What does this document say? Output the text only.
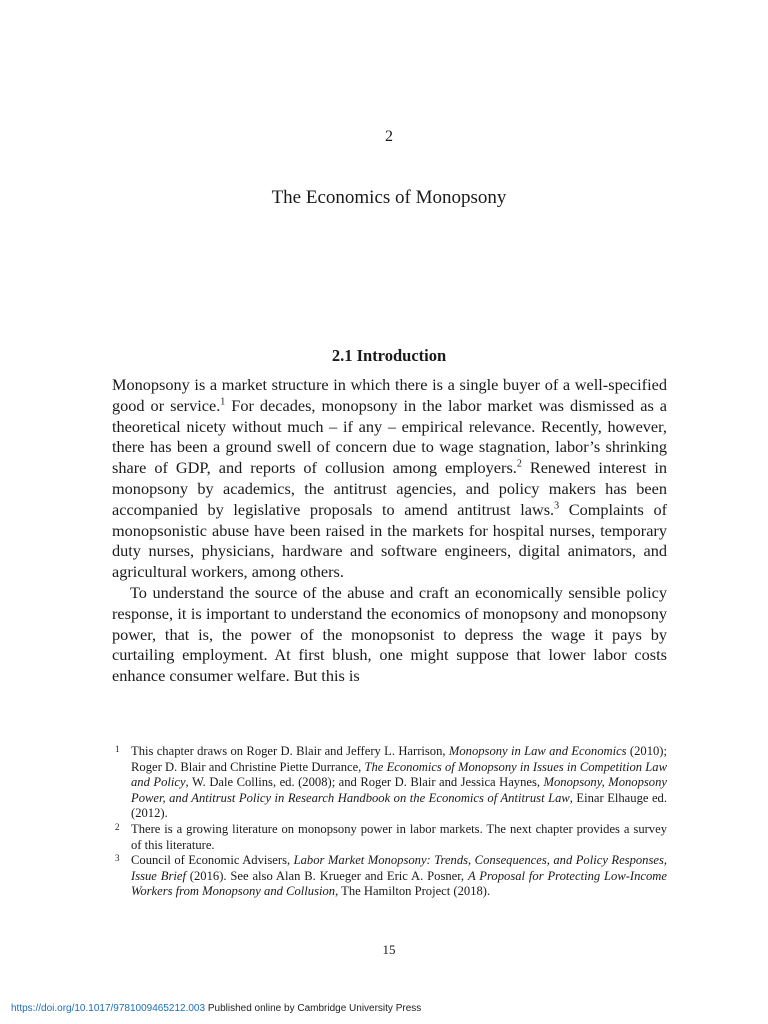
2
The Economics of Monopsony
2.1 Introduction

Monopsony is a market structure in which there is a single buyer of a well-specified good or service.$^1$ For decades, monopsony in the labor market was dismissed as a theoretical nicety without much – if any – empirical relevance. Recently, however, there has been a ground swell of concern due to wage stagnation, labor’s shrinking share of GDP, and reports of collusion among employers.$^2$ Renewed interest in monopsony by academics, the antitrust agencies, and policy makers has been accompanied by legislative proposals to amend antitrust laws.$^3$ Complaints of monopsonistic abuse have been raised in the markets for hospital nurses, temporary duty nurses, physicians, hardware and software engineers, digital animators, and agricultural workers, among others.

To understand the source of the abuse and craft an economically sensible policy response, it is important to understand the economics of monopsony and monopsony power, that is, the power of the monopsonist to depress the wage it pays by curtailing employment. At first blush, one might suppose that lower labor costs enhance consumer welfare. But this is

1 This chapter draws on Roger D. Blair and Jeffery L. Harrison, Monopsony in Law and Economics (2010); Roger D. Blair and Christine Piette Durrance, The Economics of Monopsony in Issues in Competition Law and Policy, W. Dale Collins, ed. (2008); and Roger D. Blair and Jessica Haynes, Monopsony, Monopsony Power, and Antitrust Policy in Research Handbook on the Economics of Antitrust Law, Einar Elhauge ed. (2012).
2 There is a growing literature on monopsony power in labor markets. The next chapter provides a survey of this literature.
3 Council of Economic Advisers, Labor Market Monopsony: Trends, Consequences, and Policy Responses, Issue Brief (2016). See also Alan B. Krueger and Eric A. Posner, A Proposal for Protecting Low-Income Workers from Monopsony and Collusion, The Hamilton Project (2018).
15
https://doi.org/10.1017/9781009465212.003 Published online by Cambridge University Press
